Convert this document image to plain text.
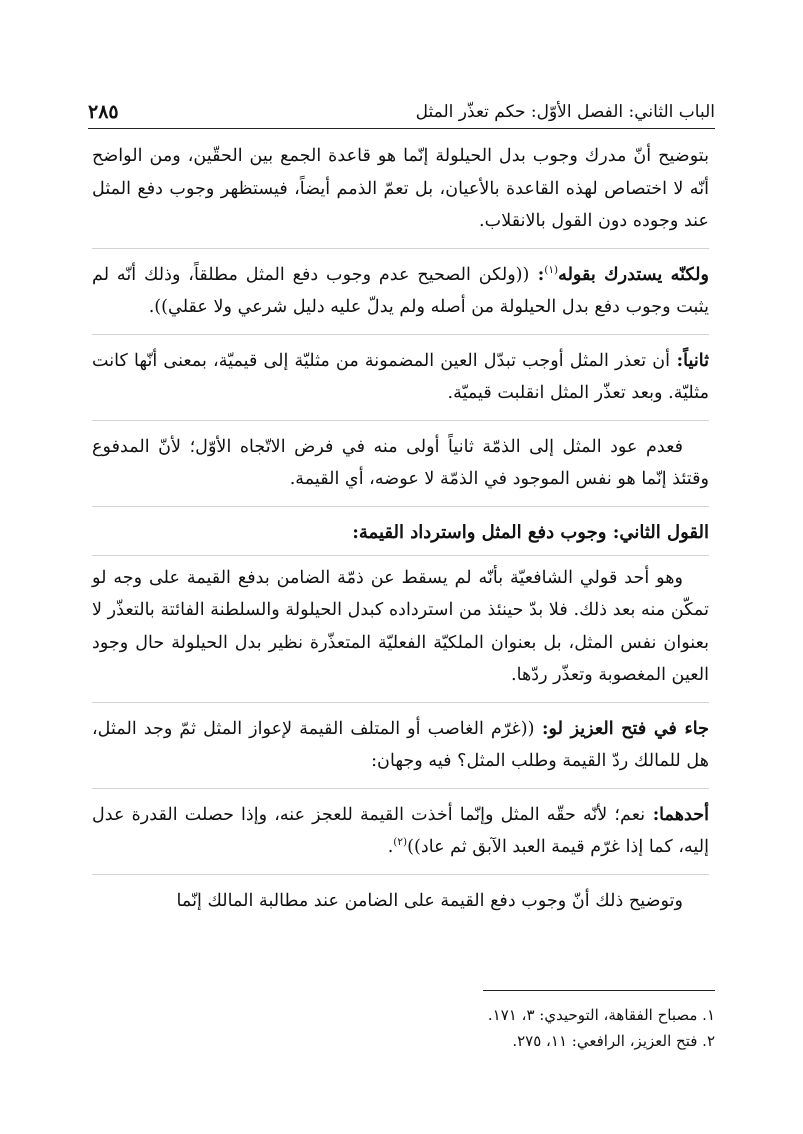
الباب الثاني: الفصل الأوّل: حكم تعذّر المثل
٢٨٥

بتوضيح أنّ مدرك وجوب بدل الحيلولة إنّما هو قاعدة الجمع بين الحقّين، ومن الواضح أنّه لا اختصاص لهذه القاعدة بالأعيان، بل تعمّ الذمم أيضاً، فيستظهر وجوب دفع المثل عند وجوده دون القول بالانقلاب.

ولكنّه يستدرك بقوله$^{(١)}$: ((ولكن الصحيح عدم وجوب دفع المثل مطلقاً، وذلك أنّه لم يثبت وجوب دفع بدل الحيلولة من أصله ولم يدلّ عليه دليل شرعي ولا عقلي)).

ثانياً: أن تعذر المثل أوجب تبدّل العين المضمونة من مثليّة إلى قيميّة، بمعنى أنّها كانت مثليّة. وبعد تعذّر المثل انقلبت قيميّة.

فعدم عود المثل إلى الذمّة ثانياً أولى منه في فرض الاتّجاه الأوّل؛ لأنّ المدفوع وقتئذ إنّما هو نفس الموجود في الذمّة لا عوضه، أي القيمة.

القول الثاني: وجوب دفع المثل واسترداد القيمة:

وهو أحد قولي الشافعيّة بأنّه لم يسقط عن ذمّة الضامن بدفع القيمة على وجه لو تمكّن منه بعد ذلك. فلا بدّ حينئذ من استرداده كبدل الحيلولة والسلطنة الفائتة بالتعذّر لا بعنوان نفس المثل، بل بعنوان الملكيّة الفعليّة المتعذّرة نظير بدل الحيلولة حال وجود العين المغصوبة وتعذّر ردّها.

جاء في فتح العزيز لو: ((غرّم الغاصب أو المتلف القيمة لإعواز المثل ثمّ وجد المثل، هل للمالك ردّ القيمة وطلب المثل؟ فيه وجهان:

أحدهما: نعم؛ لأنّه حقّه المثل وإنّما أخذت القيمة للعجز عنه، وإذا حصلت القدرة عدل إليه، كما إذا غرّم قيمة العبد الآبق ثم عاد))$^{(٢)}$.

وتوضيح ذلك أنّ وجوب دفع القيمة على الضامن عند مطالبة المالك إنّما

١. مصباح الفقاهة، التوحيدي: ٣، ١٧١.

٢. فتح العزيز، الرافعي: ١١، ٢٧٥.
